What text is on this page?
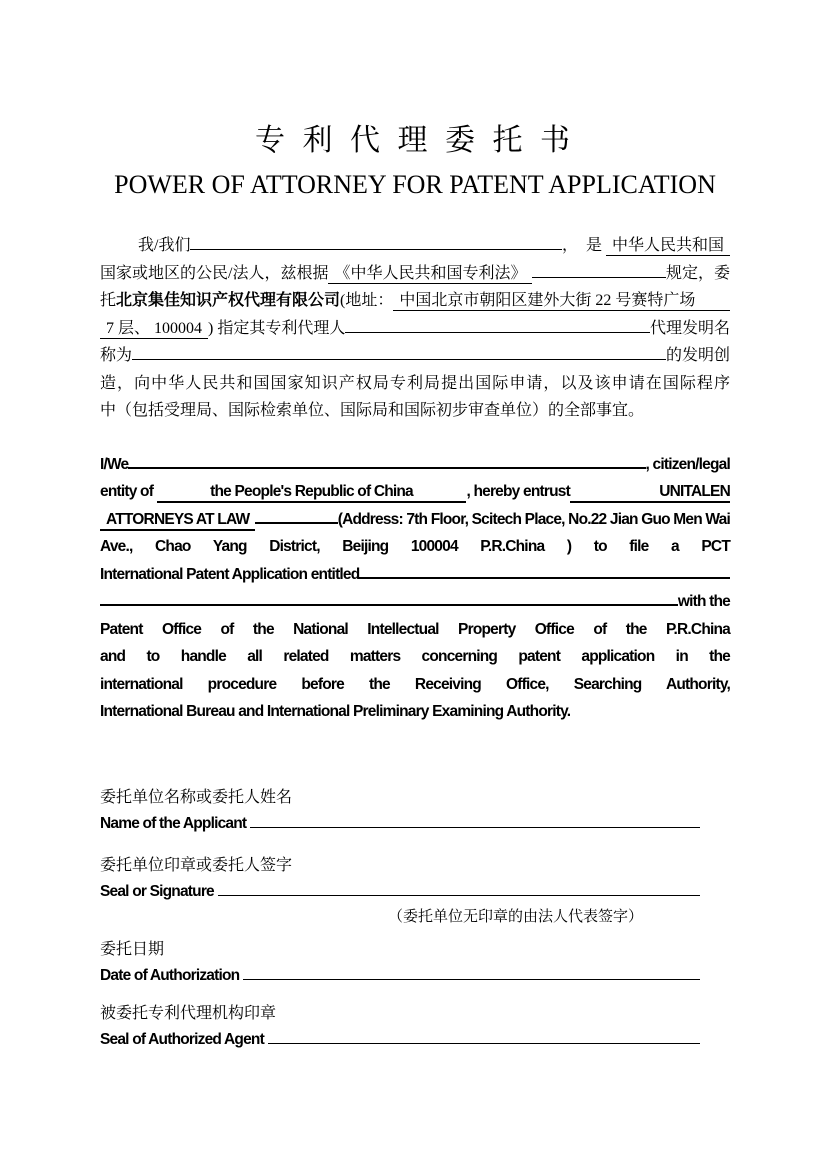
专 利 代 理 委 托 书
POWER OF ATTORNEY FOR PATENT APPLICATION
我/我们	，  是 中华人民共和国
国家或地区的公民/法人，兹根据 《中华人民共和国专利法》	规定，委
托 北京集佳知识产权代理有限公司 (地址： 中国北京市朝阳区建外大街 22 号赛特广场
7 层、 100004 ) 指定其专利代理人	代理发明名
称为	的发明创
造，向中华人民共和国国家知识产权局专利局提出国际申请，以及该申请在国际程序
中（包括受理局、国际检索单位、国际局和国际初步审查单位）的全部事宜。
I/We	, citizen/legal
entity of	the People's Republic of China	, hereby entrust	UNITALEN
ATTORNEYS AT LAW	(Address: 7th Floor, Scitech Place, No.22 Jian Guo Men Wai
Ave., Chao Yang District, Beijing 100004 P.R.China ) to file a PCT
International Patent Application entitled
with the
Patent Office of the National Intellectual Property Office of the P.R.China
and to handle all related matters concerning patent application in the
international procedure before the Receiving Office, Searching Authority,
International Bureau and International Preliminary Examining Authority.
委托单位名称或委托人姓名
Name of the Applicant
委托单位印章或委托人签字
Seal or Signature
（委托单位无印章的由法人代表签字）
委托日期
Date of Authorization
被委托专利代理机构印章
Seal of Authorized Agent
